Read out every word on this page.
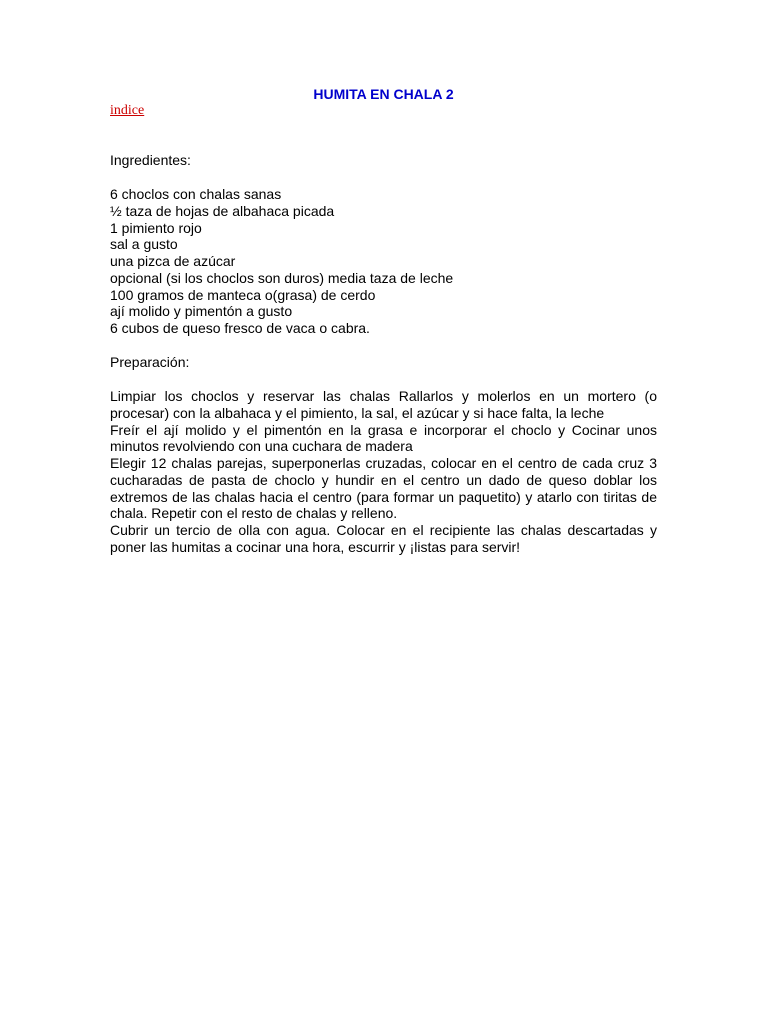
HUMITA EN CHALA 2
indice
Ingredientes:
6 choclos con chalas sanas
½ taza de hojas de albahaca picada
1 pimiento rojo
sal a gusto
una pizca de azúcar
opcional (si los choclos son duros) media taza de leche
100 gramos de manteca o(grasa) de cerdo
ají molido y pimentón a gusto
6 cubos de queso fresco de vaca o cabra.
Preparación:

Limpiar los choclos y reservar las chalas Rallarlos y molerlos en un mortero (o procesar) con la albahaca y el pimiento, la sal, el azúcar y si hace falta, la leche

Freír el ají molido y el pimentón en la grasa e incorporar el choclo y Cocinar unos minutos revolviendo con una cuchara de madera

Elegir 12 chalas parejas, superponerlas cruzadas, colocar en el centro de cada cruz 3 cucharadas de pasta de choclo y hundir en el centro un dado de queso doblar los extremos de las chalas hacia el centro (para formar un paquetito) y atarlo con tiritas de chala. Repetir con el resto de chalas y relleno.

Cubrir un tercio de olla con agua. Colocar en el recipiente las chalas descartadas y poner las humitas a cocinar una hora, escurrir y ¡listas para servir!
